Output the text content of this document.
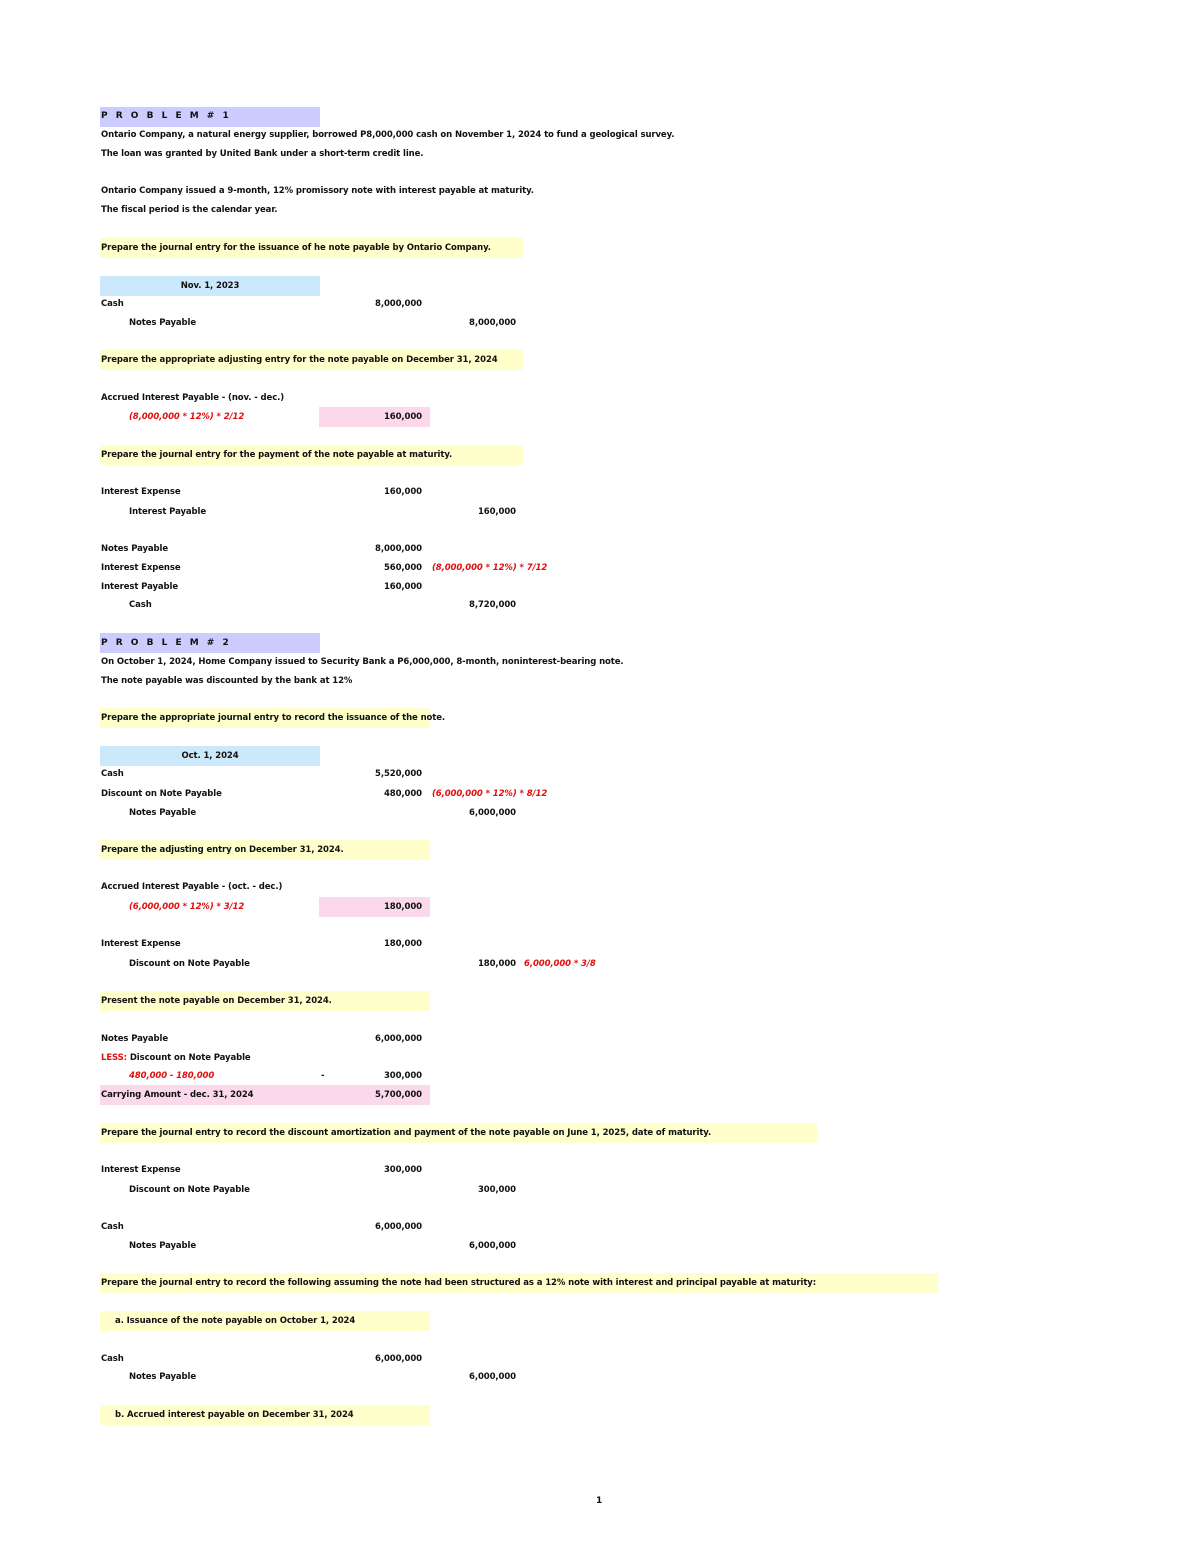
P R O B L E M # 1
Ontario Company, a natural energy supplier, borrowed P8,000,000 cash on November 1, 2024 to fund a geological survey.
The loan was granted by United Bank under a short-term credit line.
Ontario Company issued a 9-month, 12% promissory note with interest payable at maturity.
The fiscal period is the calendar year.
Prepare the journal entry for the issuance of he note payable by Ontario Company.
Nov. 1, 2023
Cash	8,000,000
Notes Payable	8,000,000
Prepare the appropriate adjusting entry for the note payable on December 31, 2024
Accrued Interest Payable - (nov. - dec.)
(8,000,000 * 12%) * 2/12	160,000
Prepare the journal entry for the payment of the note payable at maturity.
Interest Expense	160,000
Interest Payable	160,000
Notes Payable	8,000,000
Interest Expense	560,000 (8,000,000 * 12%) * 7/12
Interest Payable	160,000
Cash	8,720,000
P R O B L E M # 2
On October 1, 2024, Home Company issued to Security Bank a P6,000,000, 8-month, noninterest-bearing note.
The note payable was discounted by the bank at 12%
Prepare the appropriate journal entry to record the issuance of the note.
Oct. 1, 2024
Cash	5,520,000
Discount on Note Payable	480,000 (6,000,000 * 12%) * 8/12
Notes Payable	6,000,000
Prepare the adjusting entry on December 31, 2024.
Accrued Interest Payable - (oct. - dec.)
(6,000,000 * 12%) * 3/12	180,000
Interest Expense	180,000
Discount on Note Payable	180,000 6,000,000 * 3/8
Present the note payable on December 31, 2024.
Notes Payable	6,000,000
LESS: Discount on Note Payable
480,000 - 180,000	-	300,000
Carrying Amount - dec. 31, 2024	5,700,000
Prepare the journal entry to record the discount amortization and payment of the note payable on June 1, 2025, date of maturity.
Interest Expense	300,000
Discount on Note Payable	300,000
Cash	6,000,000
Notes Payable	6,000,000
Prepare the journal entry to record the following assuming the note had been structured as a 12% note with interest and principal payable at maturity:
a. Issuance of the note payable on October 1, 2024
Cash	6,000,000
Notes Payable	6,000,000
b. Accrued interest payable on December 31, 2024
1
